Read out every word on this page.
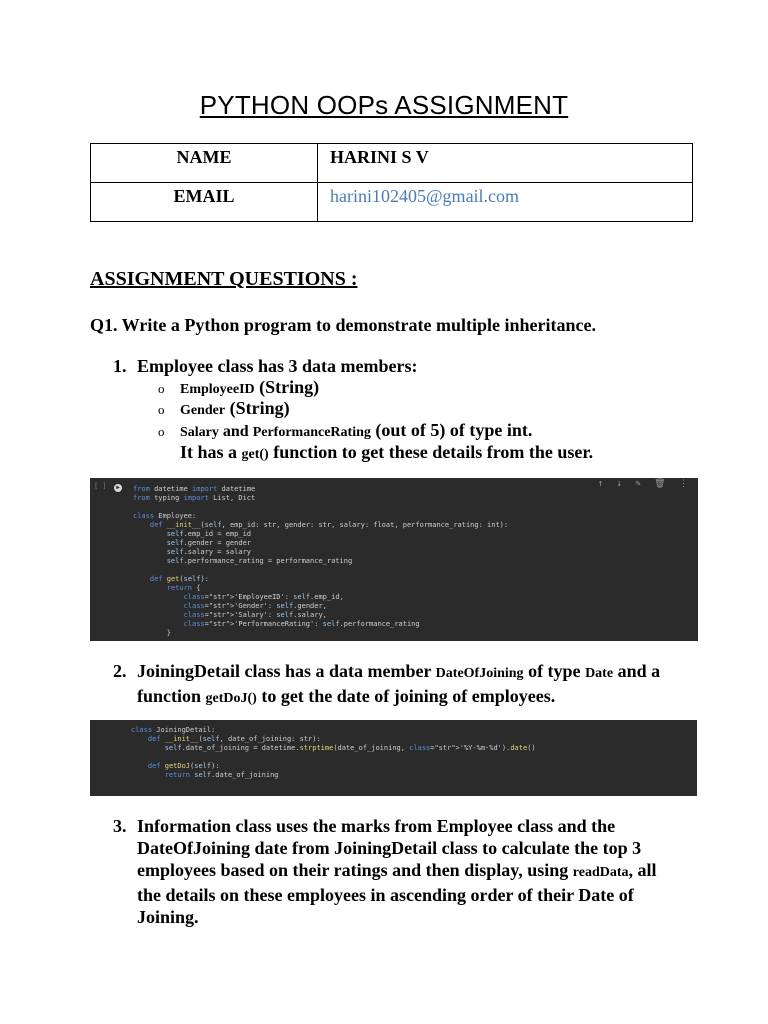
PYTHON OOPs ASSIGNMENT
NAME	HARINI S V
EMAIL	harini102405@gmail.com
ASSIGNMENT QUESTIONS :
Q1. Write a Python program to demonstrate multiple inheritance.
1. Employee class has 3 data members:
o EmployeeID (String)
o Gender (String)
o Salary and PerformanceRating (out of 5) of type int.
It has a get() function to get these details from the user.
[ ]	▶	↑ ↓ ✎ 🗑 ⋮
from datetime import datetime
from typing import List, Dict

class Employee:
def __init__(self, emp_id: str, gender: str, salary: float, performance_rating: int):
self.emp_id = emp_id
self.gender = gender
self.salary = salary
self.performance_rating = performance_rating

def get(self):
return {
class="str">'EmployeeID': self.emp_id,
class="str">'Gender': self.gender,
class="str">'Salary': self.salary,
class="str">'PerformanceRating': self.performance_rating
}
2. JoiningDetail class has a data member DateOfJoining of type Date and a
function getDoJ() to get the date of joining of employees.
class JoiningDetail:
def __init__(self, date_of_joining: str):
self.date_of_joining = datetime.strptime(date_of_joining, class="str">'%Y-%m-%d').date()

def getDoJ(self):
return self.date_of_joining
3. Information class uses the marks from Employee class and the
DateOfJoining date from JoiningDetail class to calculate the top 3
employees based on their ratings and then display, using readData, all
the details on these employees in ascending order of their Date of
Joining.
